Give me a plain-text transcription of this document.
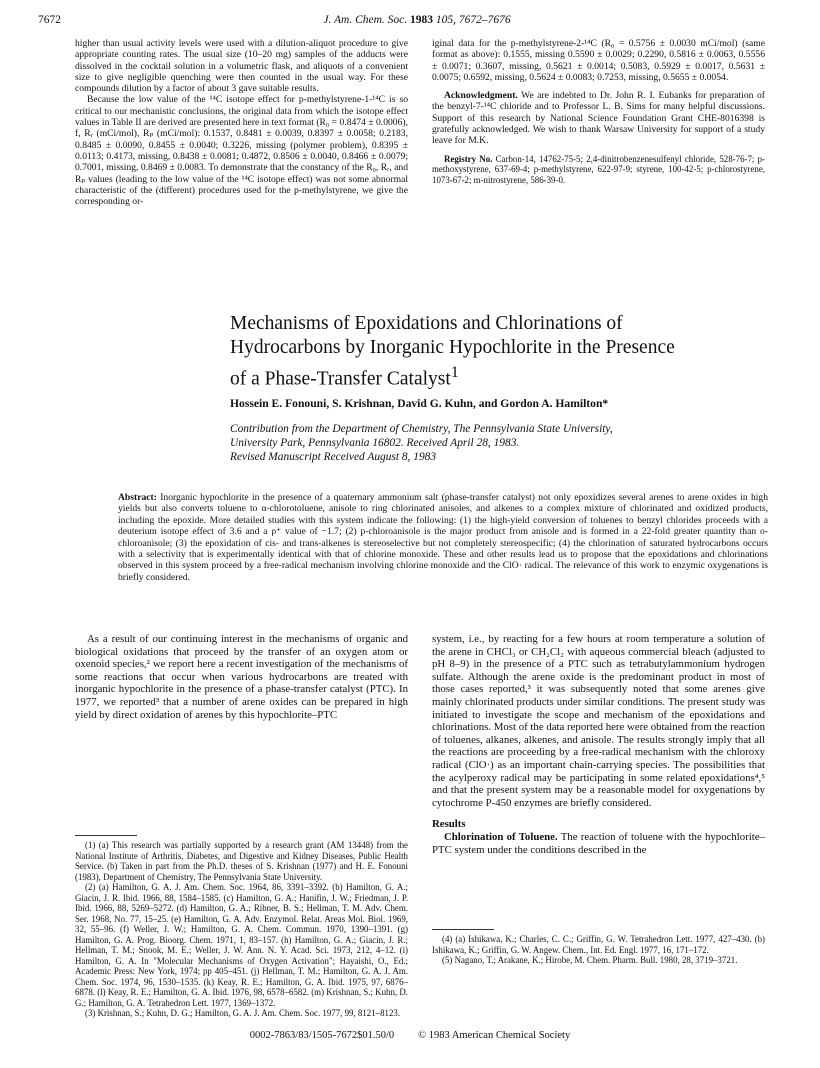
7672	J. Am. Chem. Soc. 1983 105, 7672–7676

higher than usual activity levels were used with a dilution-aliquot procedure to give appropriate counting rates. The usual size (10–20 mg) samples of the adducts were dissolved in the cocktail solution in a volumetric flask, and aliquots of a convenient size to give negligible quenching were then counted in the usual way. For these compounds dilution by a factor of about 3 gave suitable results.

Because the low value of the ¹⁴C isotope effect for p-methylstyrene-1-¹⁴C is so critical to our mechanistic conclusions, the original data from which the isotope effect values in Table II are derived are presented here in text format (R₀ = 0.8474 ± 0.0006), f, Rᵣ (mCi/mol), Rₚ (mCi/mol): 0.1537, 0.8481 ± 0.0039, 0.8397 ± 0.0058; 0.2183, 0.8485 ± 0.0090, 0.8455 ± 0.0040; 0.3226, missing (polymer problem), 0.8395 ± 0.0113; 0.4173, missing, 0.8438 ± 0.0081; 0.4872, 0.8506 ± 0.0040, 0.8466 ± 0.0079; 0.7001, missing, 0.8469 ± 0.0083. To demonstrate that the constancy of the R₀, Rᵣ, and Rₚ values (leading to the low value of the ¹⁴C isotope effect) was not some abnormal characteristic of the (different) procedures used for the p-methylstyrene, we give the corresponding or-

iginal data for the p-methylstyrene-2-¹⁴C (R₀ = 0.5756 ± 0.0030 mCi/mol) (same format as above): 0.1555, missing 0.5590 ± 0.0029; 0.2290, 0.5816 ± 0.0063, 0.5556 ± 0.0071; 0.3607, missing, 0.5621 ± 0.0014; 0.5083, 0.5929 ± 0.0017, 0.5631 ± 0.0075; 0.6592, missing, 0.5624 ± 0.0083; 0.7253, missing, 0.5655 ± 0.0054.

Acknowledgment. We are indebted to Dr. John R. I. Eubanks for preparation of the benzyl-7-¹⁴C chloride and to Professor L. B. Sims for many helpful discussions. Support of this research by National Science Foundation Grant CHE-8016398 is gratefully acknowledged. We wish to thank Warsaw University for support of a study leave for M.K.

Registry No. Carbon-14, 14762-75-5; 2,4-dinitrobenzenesulfenyl chloride, 528-76-7; p-methoxystyrene, 637-69-4; p-methylstyrene, 622-97-9; styrene, 100-42-5; p-chlorostyrene, 1073-67-2; m-nitrostyrene, 586-39-0.

Mechanisms of Epoxidations and Chlorinations of
Hydrocarbons by Inorganic Hypochlorite in the Presence
of a Phase-Transfer Catalyst$^1$

Hossein E. Fonouni, S. Krishnan, David G. Kuhn, and Gordon A. Hamilton*

Contribution from the Department of Chemistry, The Pennsylvania State University,
University Park, Pennsylvania 16802. Received April 28, 1983.
Revised Manuscript Received August 8, 1983

Abstract: Inorganic hypochlorite in the presence of a quaternary ammonium salt (phase-transfer catalyst) not only epoxidizes several arenes to arene oxides in high yields but also converts toluene to α-chlorotoluene, anisole to ring chlorinated anisoles, and alkenes to a complex mixture of chlorinated and oxidized products, including the epoxide. More detailed studies with this system indicate the following: (1) the high-yield conversion of toluenes to benzyl chlorides proceeds with a deuterium isotope effect of 3.6 and a ρ⁺ value of −1.7; (2) p-chloroanisole is the major product from anisole and is formed in a 22-fold greater quantity than o-chloroanisole; (3) the epoxidation of cis- and trans-alkenes is stereoselective but not completely stereospecific; (4) the chlorination of saturated hydrocarbons occurs with a selectivity that is experimentally identical with that of chlorine monoxide. These and other results lead us to propose that the epoxidations and chlorinations observed in this system proceed by a free-radical mechanism involving chlorine monoxide and the ClO· radical. The relevance of this work to enzymic oxygenations is briefly considered.

As a result of our continuing interest in the mechanisms of organic and biological oxidations that proceed by the transfer of an oxygen atom or oxenoid species,² we report here a recent investigation of the mechanisms of some reactions that occur when various hydrocarbons are treated with inorganic hypochlorite in the presence of a phase-transfer catalyst (PTC). In 1977, we reported³ that a number of arene oxides can be prepared in high yield by direct oxidation of arenes by this hypochlorite–PTC

system, i.e., by reacting for a few hours at room temperature a solution of the arene in CHCl₃ or CH₂Cl₂ with aqueous commercial bleach (adjusted to pH 8–9) in the presence of a PTC such as tetrabutylammonium hydrogen sulfate. Although the arene oxide is the predominant product in most of those cases reported,³ it was subsequently noted that some arenes give mainly chlorinated products under similar conditions. The present study was initiated to investigate the scope and mechanism of the epoxidations and chlorinations. Most of the data reported here were obtained from the reaction of toluenes, alkanes, alkenes, and anisole. The results strongly imply that all the reactions are proceeding by a free-radical mechanism with the chloroxy radical (ClO·) as an important chain-carrying species. The possibilities that the acylperoxy radical may be participating in some related epoxidations⁴,⁵ and that the present system may be a reasonable model for oxygenations by cytochrome P-450 enzymes are briefly considered.

Results

Chlorination of Toluene. The reaction of toluene with the hypochlorite–PTC system under the conditions described in the

(1) (a) This research was partially supported by a research grant (AM 13448) from the National Institute of Arthritis, Diabetes, and Digestive and Kidney Diseases, Public Health Service. (b) Taken in part from the Ph.D. theses of S. Krishnan (1977) and H. E. Fonouni (1983), Department of Chemistry, The Pennsylvania State University.

(2) (a) Hamilton, G. A. J. Am. Chem. Soc. 1964, 86, 3391–3392. (b) Hamilton, G. A.; Giacin, J. R. Ibid. 1966, 88, 1584–1585. (c) Hamilton, G. A.; Hanifin, J. W.; Friedman, J. P. Ibid. 1966, 88, 5269–5272. (d) Hamilton, G. A.; Ribner, B. S.; Hellman, T. M. Adv. Chem. Ser. 1968, No. 77, 15–25. (e) Hamilton, G. A. Adv. Enzymol. Relat. Areas Mol. Biol. 1969, 32, 55–96. (f) Weller, J. W.; Hamilton, G. A. Chem. Commun. 1970, 1390–1391. (g) Hamilton, G. A. Prog. Bioorg. Chem. 1971, 1, 83–157. (h) Hamilton, G. A.; Giacin, J. R.; Hellman, T. M.; Snook, M. E.; Weller, J. W. Ann. N. Y. Acad. Sci. 1973, 212, 4–12. (i) Hamilton, G. A. In "Molecular Mechanisms of Oxygen Activation"; Hayaishi, O., Ed.; Academic Press: New York, 1974; pp 405–451. (j) Hellman, T. M.; Hamilton, G. A. J. Am. Chem. Soc. 1974, 96, 1530–1535. (k) Keay, R. E.; Hamilton, G. A. Ibid. 1975, 97, 6876–6878. (l) Keay, R. E.; Hamilton, G. A. Ibid. 1976, 98, 6578–6582. (m) Krishnan, S.; Kuhn, D. G.; Hamilton, G. A. Tetrahedron Lett. 1977, 1369–1372.

(3) Krishnan, S.; Kuhn, D. G.; Hamilton, G. A. J. Am. Chem. Soc. 1977, 99, 8121–8123.

(4) (a) Ishikawa, K.; Charles, C. C.; Griffin, G. W. Tetrahedron Lett. 1977, 427–430. (b) Ishikawa, K.; Griffin, G. W. Angew. Chem., Int. Ed. Engl. 1977, 16, 171–172.

(5) Nagano, T.; Arakane, K.; Hirobe, M. Chem. Pharm. Bull. 1980, 28, 3719–3721.

0002-7863/83/1505-7672$01.50/0 © 1983 American Chemical Society
